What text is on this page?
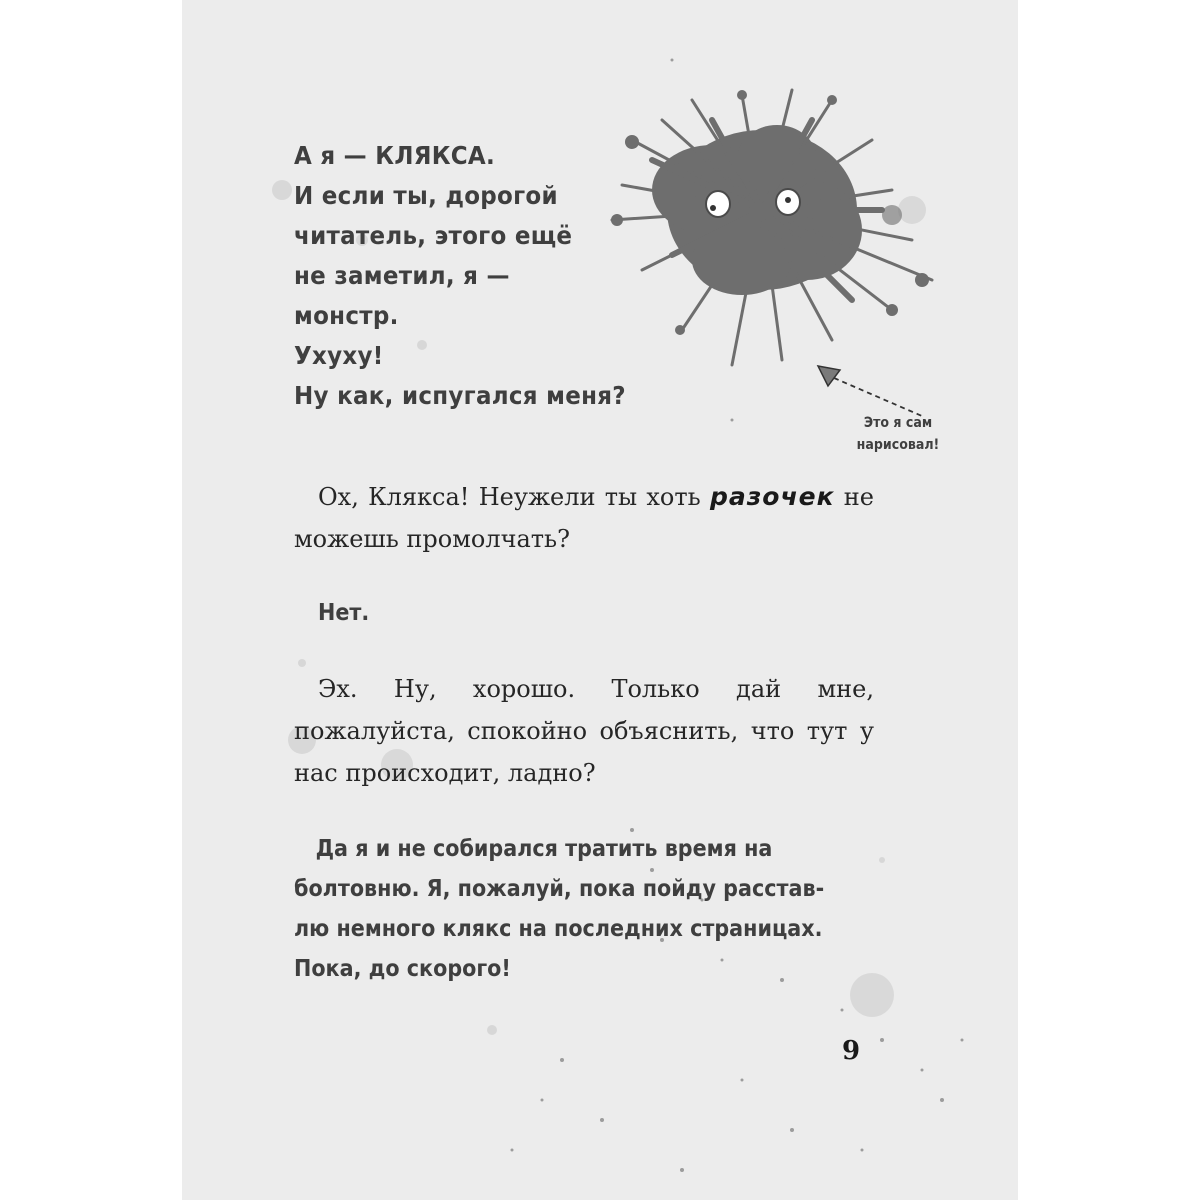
А я — КЛЯКСА.
И если ты, дорогой
читатель, этого ещё
не заметил, я —
монстр.
Ухуху!
Ну как, испугался меня?
Это я сам
нарисовал!
Ох, Клякса! Неужели ты хоть разочек не можешь промолчать?
Нет.
Эх. Ну, хорошо. Только дай мне, пожалуйста, спокойно объяснить, что тут у нас происходит, ладно?
Да я и не собирался тратить время на
болтовню. Я, пожалуй, пока пойду расстав-
лю немного клякс на последних страницах.
Пока, до скорого!
9
